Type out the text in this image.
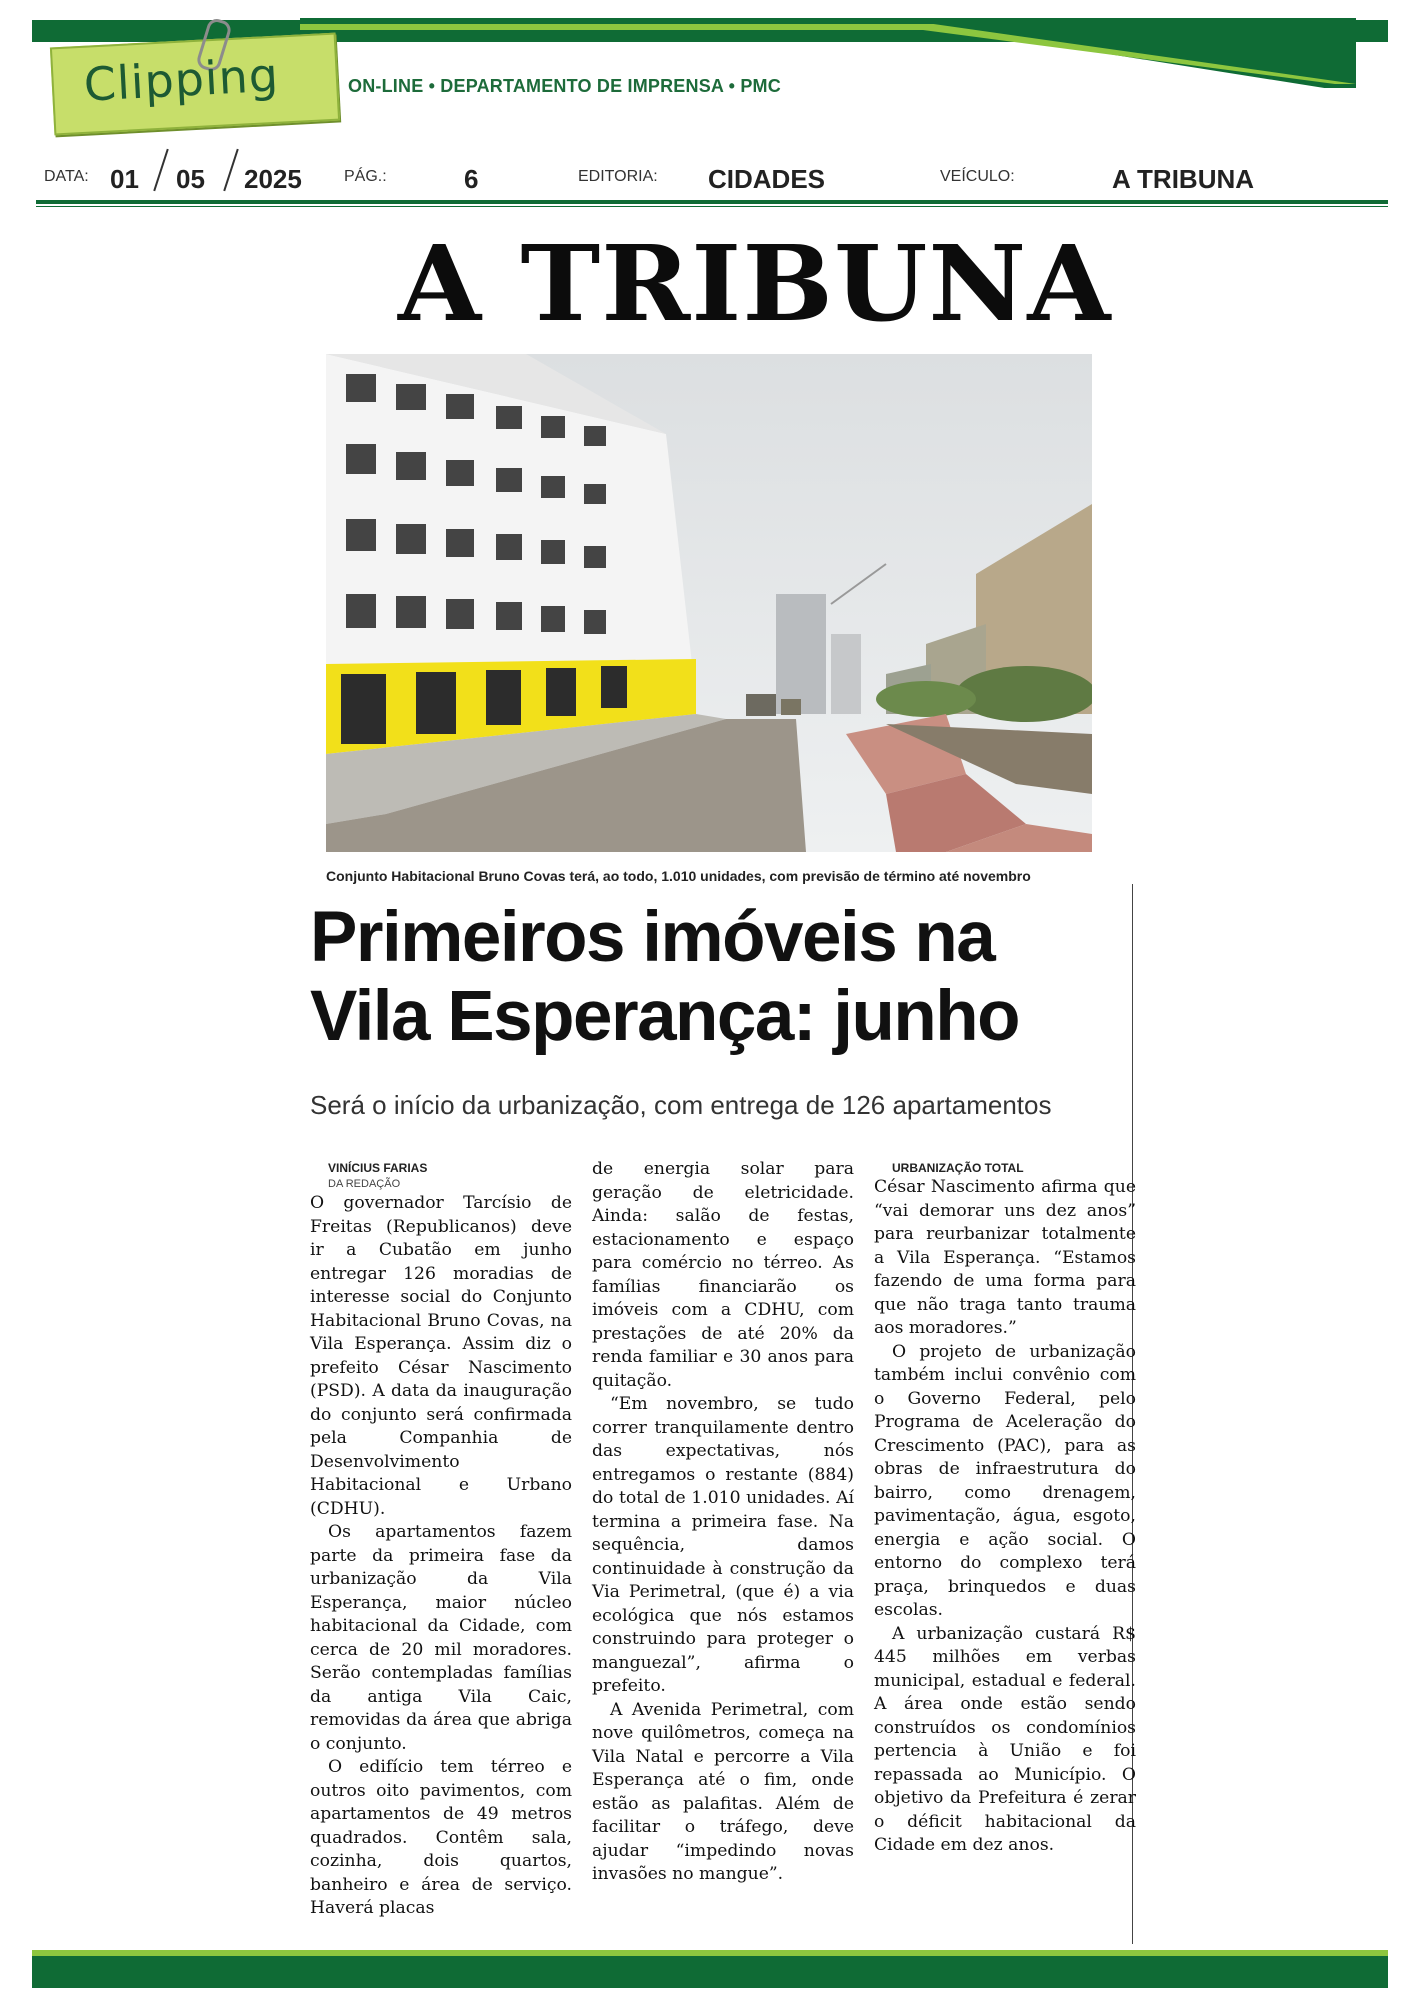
Clipping	ON-LINE • DEPARTAMENTO DE IMPRENSA • PMC
DATA: 01 05 2025	PÁG.:	6	EDITORIA: CIDADES	VEÍCULO:	A TRIBUNA
A TRIBUNA
Conjunto Habitacional Bruno Covas terá, ao todo, 1.010 unidades, com previsão de término até novembro
Primeiros imóveis na
Vila Esperança: junho
Será o início da urbanização, com entrega de 126 apartamentos

VINÍCIUS FARIAS

DA REDAÇÃO

O governador Tarcísio de Freitas (Republicanos) deve ir a Cubatão em junho entregar 126 moradias de interesse social do Conjunto Habitacional Bruno Covas, na Vila Esperança. Assim diz o prefeito César Nascimento (PSD). A data da inauguração do conjunto será confirmada pela Companhia de Desenvolvimento Habitacional e Urbano (CDHU).

Os apartamentos fazem parte da primeira fase da urbanização da Vila Esperança, maior núcleo habitacional da Cidade, com cerca de 20 mil moradores. Serão contempladas famílias da antiga Vila Caic, removidas da área que abriga o conjunto.

O edifício tem térreo e outros oito pavimentos, com apartamentos de 49 metros quadrados. Contêm sala, cozinha, dois quartos, banheiro e área de serviço. Haverá placas

de energia solar para geração de eletricidade. Ainda: salão de festas, estacionamento e espaço para comércio no térreo. As famílias financiarão os imóveis com a CDHU, com prestações de até 20% da renda familiar e 30 anos para quitação.

“Em novembro, se tudo correr tranquilamente dentro das expectativas, nós entregamos o restante (884) do total de 1.010 unidades. Aí termina a primeira fase. Na sequência, damos continuidade à construção da Via Perimetral, (que é) a via ecológica que nós estamos construindo para proteger o manguezal”, afirma o prefeito.

A Avenida Perimetral, com nove quilômetros, começa na Vila Natal e percorre a Vila Esperança até o fim, onde estão as palafitas. Além de facilitar o tráfego, deve ajudar “impedindo novas invasões no mangue”.

URBANIZAÇÃO TOTAL

César Nascimento afirma que “vai demorar uns dez anos” para reurbanizar totalmente a Vila Esperança. “Estamos fazendo de uma forma para que não traga tanto trauma aos moradores.”

O projeto de urbanização também inclui convênio com o Governo Federal, pelo Programa de Aceleração do Crescimento (PAC), para as obras de infraestrutura do bairro, como drenagem, pavimentação, água, esgoto, energia e ação social. O entorno do complexo terá praça, brinquedos e duas escolas.

A urbanização custará R$ 445 milhões em verbas municipal, estadual e federal. A área onde estão sendo construídos os condomínios pertencia à União e foi repassada ao Município. O objetivo da Prefeitura é zerar o déficit habitacional da Cidade em dez anos.
